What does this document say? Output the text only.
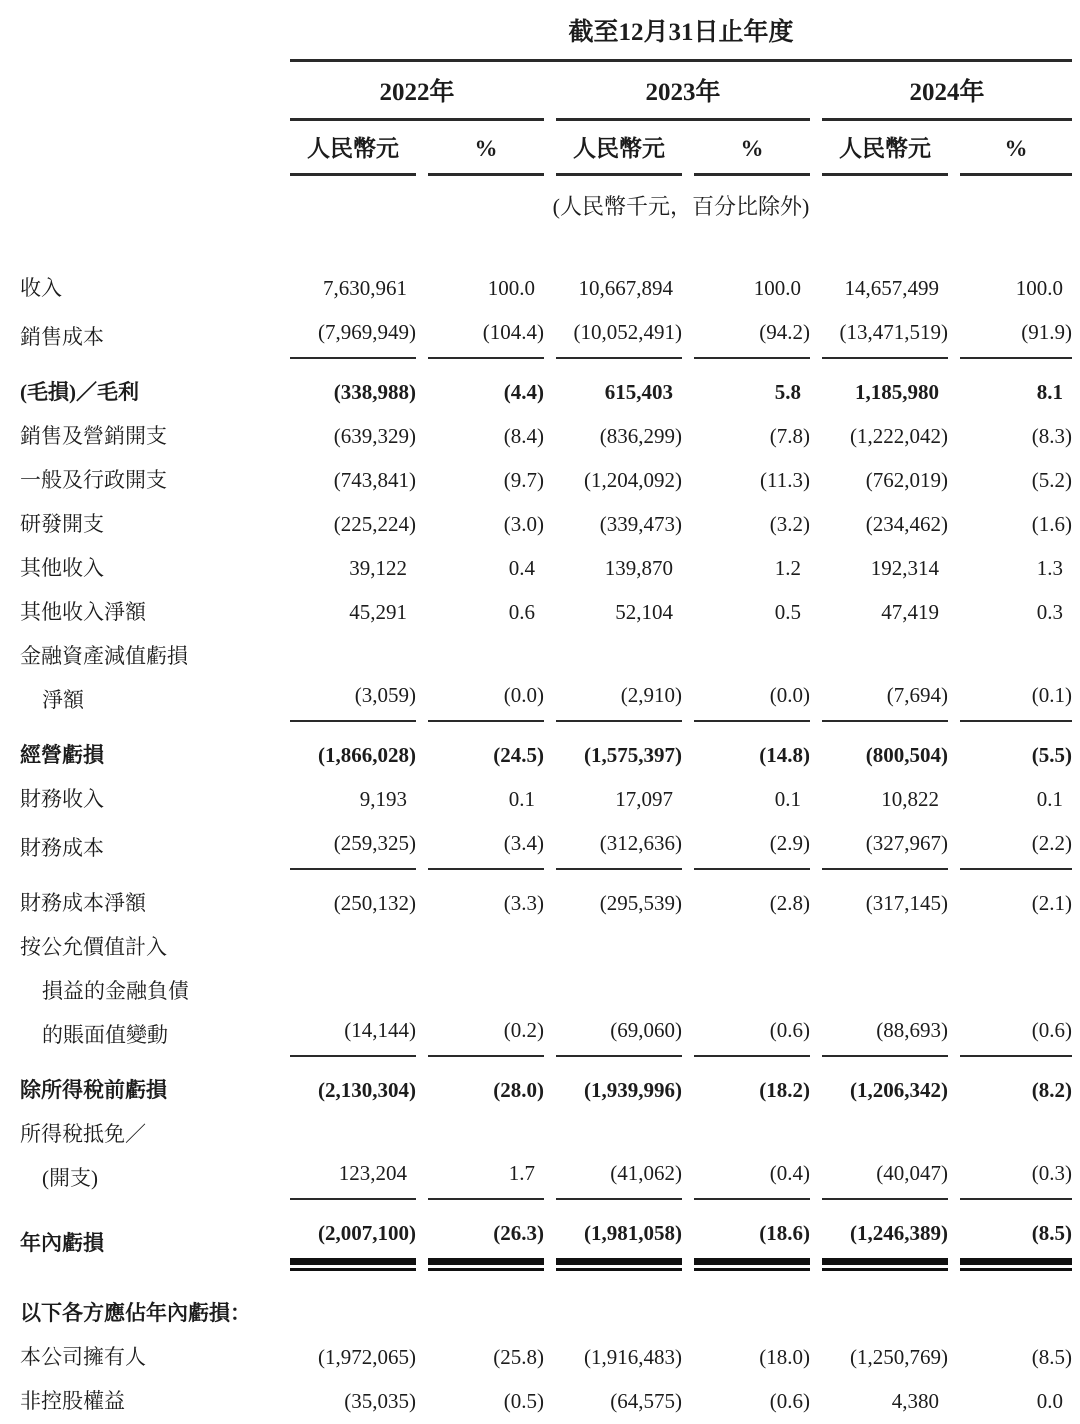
截至12月31日止年度
2022年	2023年	2024年
人民幣元	%	人民幣元	%	人民幣元	%
(人民幣千元，百分比除外)
收入	7,630,961	100.0	10,667,894	100.0	14,657,499	100.0
銷售成本	(7,969,949)	(104.4)	(10,052,491)	(94.2)	(13,471,519)	(91.9)
(毛損)／毛利	(338,988)	(4.4)	615,403	5.8	1,185,980	8.1
銷售及營銷開支	(639,329)	(8.4)	(836,299)	(7.8)	(1,222,042)	(8.3)
一般及行政開支	(743,841)	(9.7)	(1,204,092)	(11.3)	(762,019)	(5.2)
研發開支	(225,224)	(3.0)	(339,473)	(3.2)	(234,462)	(1.6)
其他收入	39,122	0.4	139,870	1.2	192,314	1.3
其他收入淨額	45,291	0.6	52,104	0.5	47,419	0.3
金融資產減值虧損
淨額	(3,059)	(0.0)	(2,910)	(0.0)	(7,694)	(0.1)
經營虧損	(1,866,028)	(24.5)	(1,575,397)	(14.8)	(800,504)	(5.5)
財務收入	9,193	0.1	17,097	0.1	10,822	0.1
財務成本	(259,325)	(3.4)	(312,636)	(2.9)	(327,967)	(2.2)
財務成本淨額	(250,132)	(3.3)	(295,539)	(2.8)	(317,145)	(2.1)
按公允價值計入
損益的金融負債
的賬面值變動	(14,144)	(0.2)	(69,060)	(0.6)	(88,693)	(0.6)
除所得稅前虧損	(2,130,304)	(28.0)	(1,939,996)	(18.2)	(1,206,342)	(8.2)
所得稅抵免／
(開支)	123,204	1.7	(41,062)	(0.4)	(40,047)	(0.3)
年內虧損	(2,007,100)	(26.3)	(1,981,058)	(18.6)	(1,246,389)	(8.5)
以下各方應佔年內虧損：
本公司擁有人	(1,972,065)	(25.8)	(1,916,483)	(18.0)	(1,250,769)	(8.5)
非控股權益	(35,035)	(0.5)	(64,575)	(0.6)	4,380	0.0
